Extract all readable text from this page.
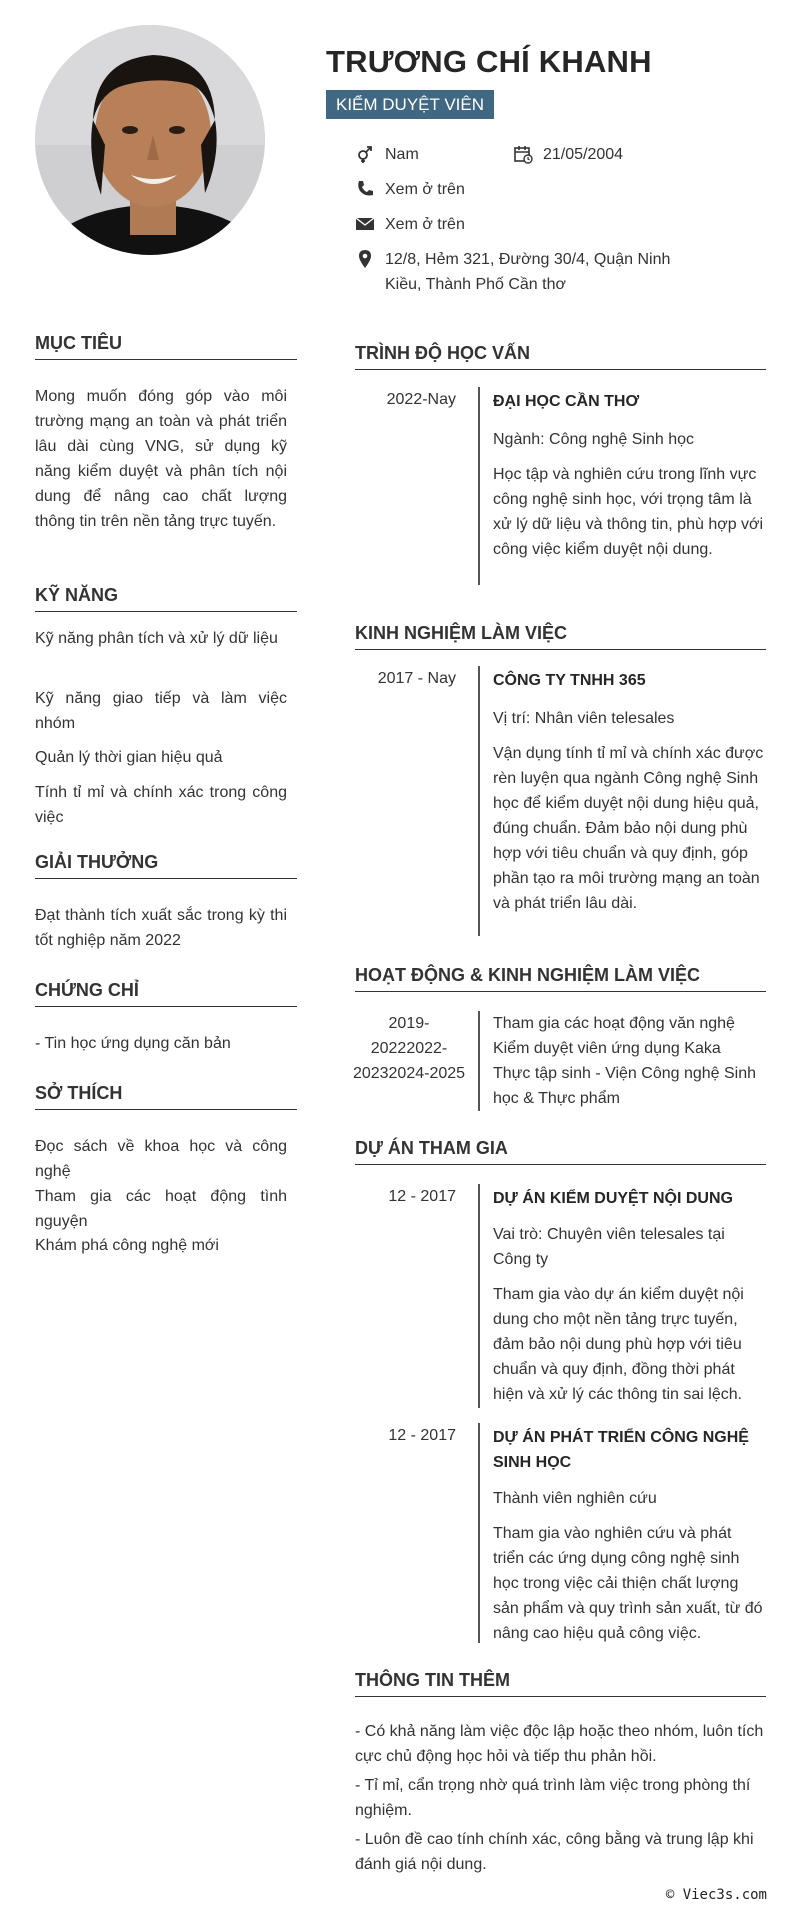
TRƯƠNG CHÍ KHANH
KIỂM DUYỆT VIÊN
Nam	21/05/2004
Xem ở trên
Xem ở trên
12/8, Hẻm 321, Đường 30/4, Quận Ninh Kiều, Thành Phố Cần thơ
MỤC TIÊU
Mong muốn đóng góp vào môi trường mạng an toàn và phát triển lâu dài cùng VNG, sử dụng kỹ năng kiểm duyệt và phân tích nội dung để nâng cao chất lượng thông tin trên nền tảng trực tuyến.
KỸ NĂNG
Kỹ năng phân tích và xử lý dữ liệu
Kỹ năng giao tiếp và làm việc nhóm
Quản lý thời gian hiệu quả
Tính tỉ mỉ và chính xác trong công việc
GIẢI THƯỞNG
Đạt thành tích xuất sắc trong kỳ thi tốt nghiệp năm 2022
CHỨNG CHỈ
- Tin học ứng dụng căn bản
SỞ THÍCH
Đọc sách về khoa học và công nghệ
Tham gia các hoạt động tình nguyện
Khám phá công nghệ mới
TRÌNH ĐỘ HỌC VẤN
2022-Nay ĐẠI HỌC CẦN THƠ
Ngành: Công nghệ Sinh học
Học tập và nghiên cứu trong lĩnh vực công nghệ sinh học, với trọng tâm là xử lý dữ liệu và thông tin, phù hợp với công việc kiểm duyệt nội dung.
KINH NGHIỆM LÀM VIỆC
2017 - Nay CÔNG TY TNHH 365
Vị trí: Nhân viên telesales
Vận dụng tính tỉ mỉ và chính xác được rèn luyện qua ngành Công nghệ Sinh học để kiểm duyệt nội dung hiệu quả, đúng chuẩn. Đảm bảo nội dung phù hợp với tiêu chuẩn và quy định, góp phần tạo ra môi trường mạng an toàn và phát triển lâu dài.
HOẠT ĐỘNG & KINH NGHIỆM LÀM VIỆC
2019-
20222022-
20232024-2025
Tham gia các hoạt động văn nghệ
Kiểm duyệt viên ứng dụng Kaka
Thực tập sinh - Viện Công nghệ Sinh học & Thực phẩm
DỰ ÁN THAM GIA
12 - 2017 DỰ ÁN KIỂM DUYỆT NỘI DUNG
Vai trò: Chuyên viên telesales tại Công ty
Tham gia vào dự án kiểm duyệt nội dung cho một nền tảng trực tuyến, đảm bảo nội dung phù hợp với tiêu chuẩn và quy định, đồng thời phát hiện và xử lý các thông tin sai lệch.
12 - 2017 DỰ ÁN PHÁT TRIỂN CÔNG NGHỆ SINH HỌC
Thành viên nghiên cứu
Tham gia vào nghiên cứu và phát triển các ứng dụng công nghệ sinh học trong việc cải thiện chất lượng sản phẩm và quy trình sản xuất, từ đó nâng cao hiệu quả công việc.
THÔNG TIN THÊM
- Có khả năng làm việc độc lập hoặc theo nhóm, luôn tích cực chủ động học hỏi và tiếp thu phản hồi.
- Tỉ mỉ, cẩn trọng nhờ quá trình làm việc trong phòng thí nghiệm.
- Luôn đề cao tính chính xác, công bằng và trung lập khi đánh giá nội dung.
© Viec3s.com
